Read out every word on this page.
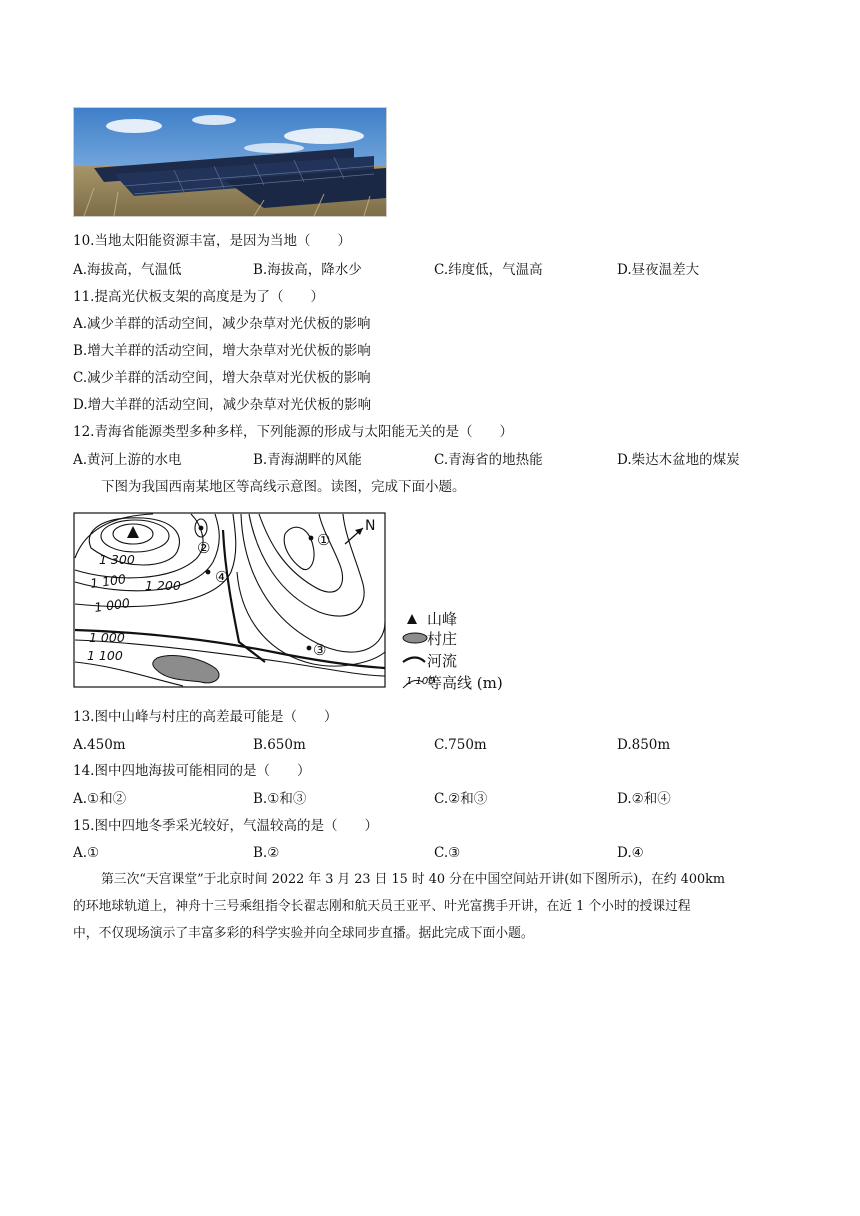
10.当地太阳能资源丰富，是因为当地（　　）
A.海拔高，气温低	B.海拔高，降水少	C.纬度低，气温高	D.昼夜温差大
11.提高光伏板支架的高度是为了（　　）
A.减少羊群的活动空间，减少杂草对光伏板的影响
B.增大羊群的活动空间，增大杂草对光伏板的影响
C.减少羊群的活动空间，增大杂草对光伏板的影响
D.增大羊群的活动空间，减少杂草对光伏板的影响
12.青海省能源类型多种多样，下列能源的形成与太阳能无关的是（　　）
A.黄河上游的水电	B.青海湖畔的风能	C.青海省的地热能	D.柴达木盆地的煤炭
下图为我国西南某地区等高线示意图。读图，完成下面小题。
①
②
③
④
1 300
1 200
1 100
1 000
1 000
1 100
N
山峰
村庄
河流
1 100
等高线 (m)
13.图中山峰与村庄的高差最可能是（　　）
A.450m	B.650m	C.750m	D.850m
14.图中四地海拔可能相同的是（　　）
A.①和②	B.①和③	C.②和③	D.②和④
15.图中四地冬季采光较好，气温较高的是（　　）
A.①	B.②	C.③	D.④
第三次“天宫课堂”于北京时间 2022 年 3 月 23 日 15 时 40 分在中国空间站开讲(如下图所示)，在约 400km
的环地球轨道上，神舟十三号乘组指令长翟志刚和航天员王亚平、叶光富携手开讲，在近 1 个小时的授课过程
中，不仅现场演示了丰富多彩的科学实验并向全球同步直播。据此完成下面小题。
